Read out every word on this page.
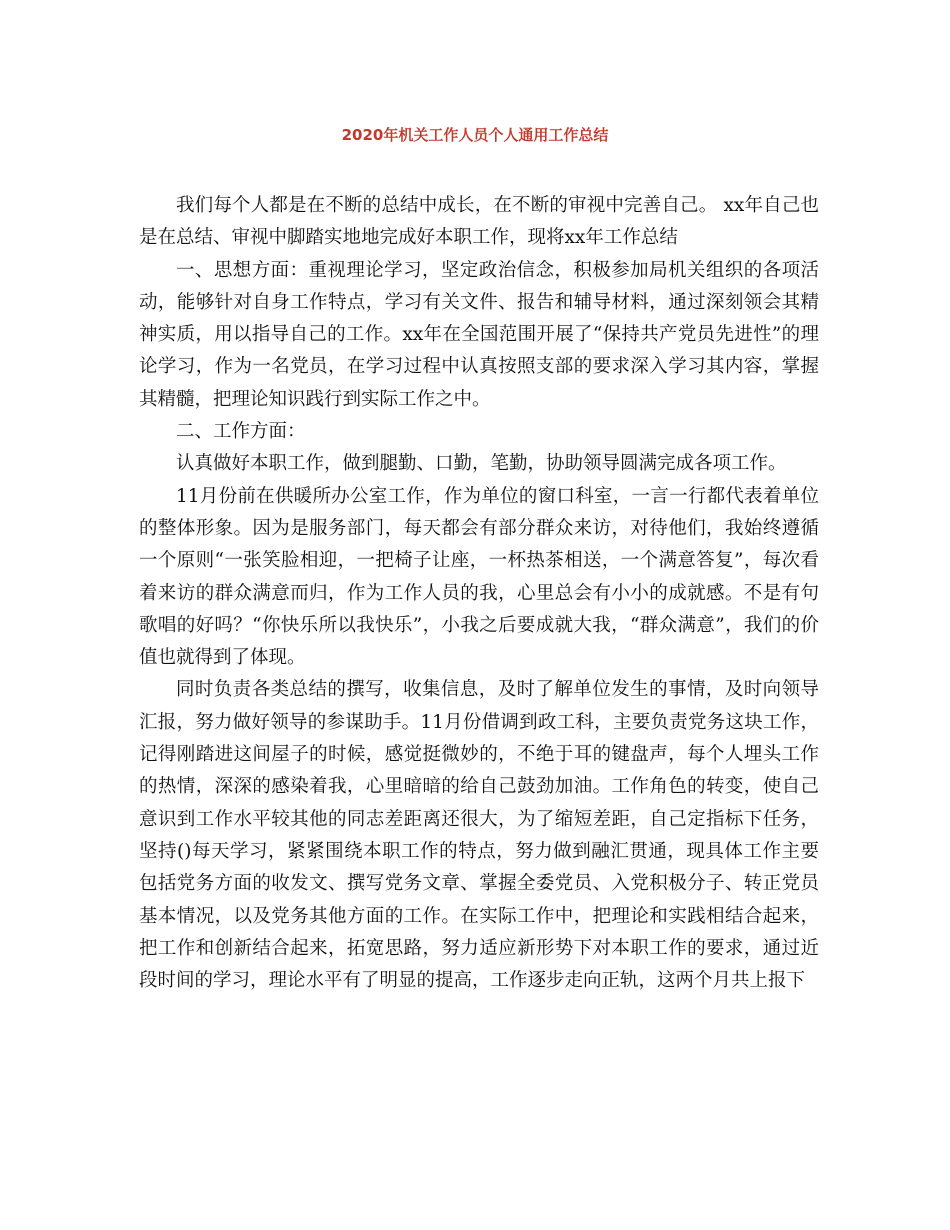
2020年机关工作人员个人通用工作总结

我们每个人都是在不断的总结中成长，在不断的审视中完善自己。 xx年自己也是在总结、审视中脚踏实地地完成好本职工作，现将xx年工作总结

一、思想方面：重视理论学习，坚定政治信念，积极参加局机关组织的各项活动，能够针对自身工作特点，学习有关文件、报告和辅导材料，通过深刻领会其精神实质，用以指导自己的工作。xx年在全国范围开展了“保持共产党员先进性”的理论学习，作为一名党员，在学习过程中认真按照支部的要求深入学习其内容，掌握其精髓，把理论知识践行到实际工作之中。

二、工作方面：

认真做好本职工作，做到腿勤、口勤，笔勤，协助领导圆满完成各项工作。

11月份前在供暖所办公室工作，作为单位的窗口科室，一言一行都代表着单位的整体形象。因为是服务部门，每天都会有部分群众来访，对待他们，我始终遵循一个原则“一张笑脸相迎，一把椅子让座，一杯热茶相送，一个满意答复”，每次看着来访的群众满意而归，作为工作人员的我，心里总会有小小的成就感。不是有句歌唱的好吗？“你快乐所以我快乐”，小我之后要成就大我，“群众满意”，我们的价值也就得到了体现。

同时负责各类总结的撰写，收集信息，及时了解单位发生的事情，及时向领导汇报，努力做好领导的参谋助手。11月份借调到政工科，主要负责党务这块工作，记得刚踏进这间屋子的时候，感觉挺微妙的，不绝于耳的键盘声，每个人埋头工作的热情，深深的感染着我，心里暗暗的给自己鼓劲加油。工作角色的转变，使自己意识到工作水平较其他的同志差距离还很大，为了缩短差距，自己定指标下任务，坚持()每天学习，紧紧围绕本职工作的特点，努力做到融汇贯通，现具体工作主要包括党务方面的收发文、撰写党务文章、掌握全委党员、入党积极分子、转正党员基本情况，以及党务其他方面的工作。在实际工作中，把理论和实践相结合起来，把工作和创新结合起来，拓宽思路，努力适应新形势下对本职工作的要求，通过近段时间的学习，理论水平有了明显的提高，工作逐步走向正轨，这两个月共上报下
